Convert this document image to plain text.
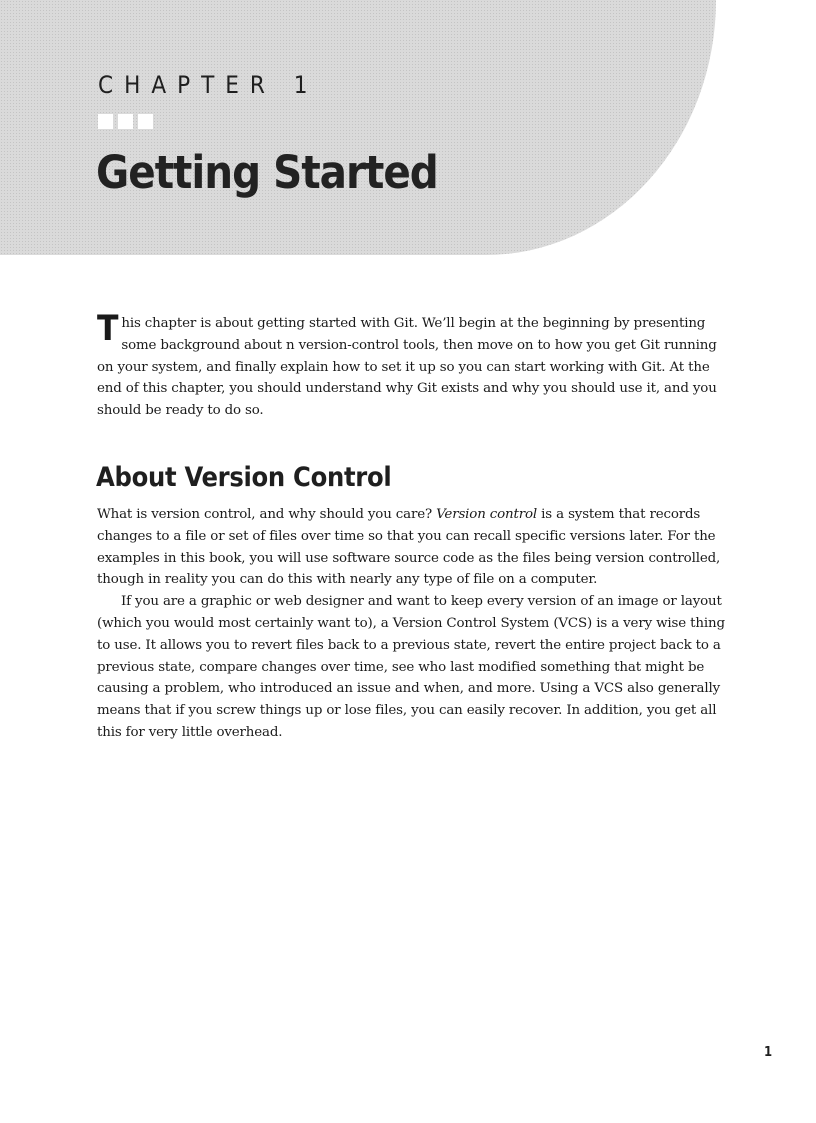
CHAPTER 1

Getting Started

This chapter is about getting started with Git. We’ll begin at the beginning by presenting some background about n version-control tools, then move on to how you get Git running on your system, and finally explain how to set it up so you can start working with Git. At the end of this chapter, you should understand why Git exists and why you should use it, and you should be ready to do so.

About Version Control

What is version control, and why should you care? Version control is a system that records changes to a file or set of files over time so that you can recall specific versions later. For the examples in this book, you will use software source code as the files being version controlled, though in reality you can do this with nearly any type of file on a computer.

If you are a graphic or web designer and want to keep every version of an image or layout (which you would most certainly want to), a Version Control System (VCS) is a very wise thing to use. It allows you to revert files back to a previous state, revert the entire project back to a previous state, compare changes over time, see who last modified something that might be causing a problem, who introduced an issue and when, and more. Using a VCS also generally means that if you screw things up or lose files, you can easily recover. In addition, you get all this for very little overhead.

1
